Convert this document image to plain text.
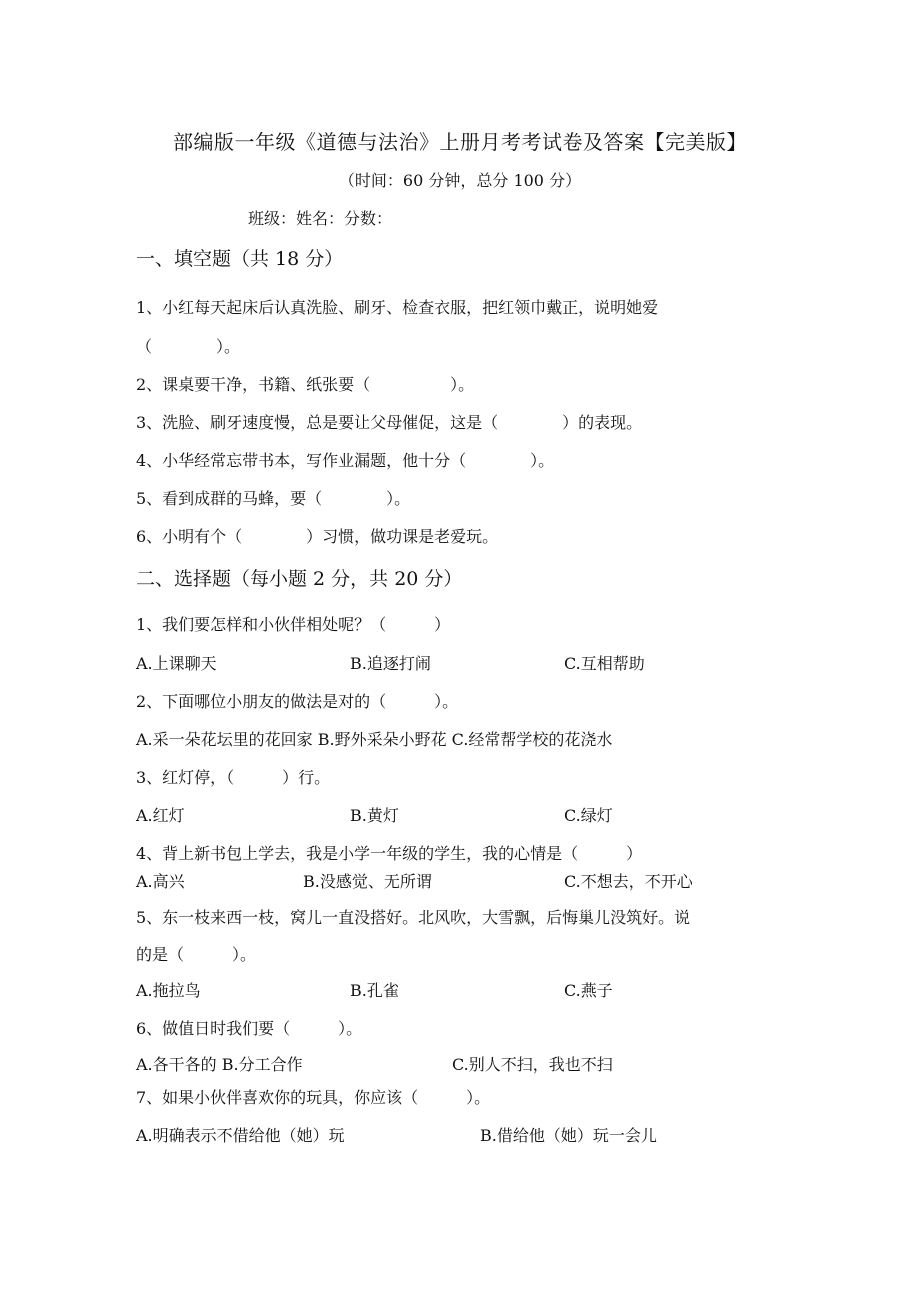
部编版一年级《道德与法治》上册月考考试卷及答案【完美版】
（时间：60 分钟，总分 100 分）
班级：姓名：分数：
一、填空题（共 18 分）
1、小红每天起床后认真洗脸、刷牙、检查衣服，把红领巾戴正，说明她爱
（　　　　）。
2、课桌要干净，书籍、纸张要（　　　　　）。
3、洗脸、刷牙速度慢，总是要让父母催促，这是（　　　　）的表现。
4、小华经常忘带书本，写作业漏题，他十分（　　　　）。
5、看到成群的马蜂，要（　　　　）。
6、小明有个（　　　　）习惯，做功课是老爱玩。
二、选择题（每小题 2 分，共 20 分）
1、我们要怎样和小伙伴相处呢？（　　　）
A.上课聊天	B.追逐打闹	C.互相帮助
2、下面哪位小朋友的做法是对的（　　　）。
A.采一朵花坛里的花回家 B.野外采朵小野花 C.经常帮学校的花浇水
3、红灯停，（　　　）行。
A.红灯	B.黄灯	C.绿灯
4、背上新书包上学去，我是小学一年级的学生，我的心情是（　　　）
A.高兴	B.没感觉、无所谓	C.不想去，不开心
5、东一枝来西一枝，窝儿一直没搭好。北风吹，大雪飘，后悔巢儿没筑好。说
的是（　　　）。
A.拖拉鸟	B.孔雀	C.燕子
6、做值日时我们要（　　　）。
A.各干各的 B.分工合作	C.别人不扫，我也不扫
7、如果小伙伴喜欢你的玩具，你应该（　　　）。
A.明确表示不借给他（她）玩	B.借给他（她）玩一会儿
